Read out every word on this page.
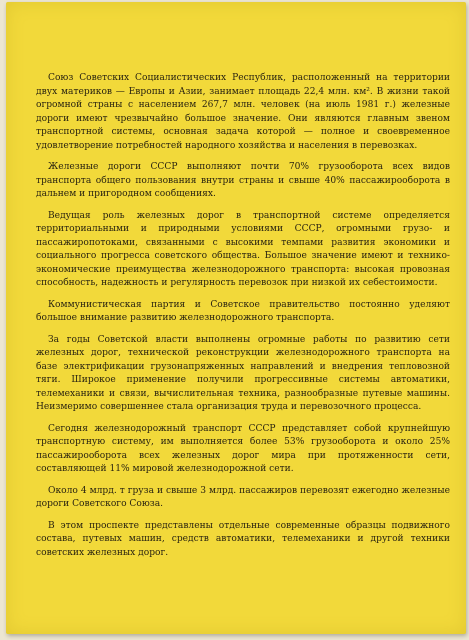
Союз Советских Социалистических Республик, расположенный на территории двух материков — Европы и Азии, занимает площадь 22,4 млн. км². В жизни такой огромной страны с населением 267,7 млн. человек (на июль 1981 г.) железные дороги имеют чрезвычайно большое значение. Они являются главным звеном транспортной системы, основная задача которой — полное и своевременное удовлетворение потребностей народного хозяйства и населения в перевозках.

Железные дороги СССР выполняют почти 70% грузооборота всех видов транспорта общего пользования внутри страны и свыше 40% пассажирооборота в дальнем и пригородном сообщениях.

Ведущая роль железных дорог в транспортной системе определяется территориальными и природными условиями СССР, огромными грузо- и пассажиропотоками, связанными с высокими темпами развития экономики и социального прогресса советского общества. Большое значение имеют и технико-экономические преимущества железнодорожного транспорта: высокая провозная способность, надежность и регулярность перевозок при низкой их себестоимости.

Коммунистическая партия и Советское правительство постоянно уделяют большое внимание развитию железнодорожного транспорта.

За годы Советской власти выполнены огромные работы по развитию сети железных дорог, технической реконструкции железнодорожного транспорта на базе электрификации грузонапряженных направлений и внедрения тепловозной тяги. Широкое применение получили прогрессивные системы автоматики, телемеханики и связи, вычислительная техника, разнообразные путевые машины. Неизмеримо совершеннее стала организация труда и перевозочного процесса.

Сегодня железнодорожный транспорт СССР представляет собой крупнейшую транспортную систему, им выполняется более 53% грузооборота и около 25% пассажирооборота всех железных дорог мира при протяженности сети, составляющей 11% мировой железнодорожной сети.

Около 4 млрд. т груза и свыше 3 млрд. пассажиров перевозят ежегодно железные дороги Советского Союза.

В этом проспекте представлены отдельные современные образцы подвижного состава, путевых машин, средств автоматики, телемеханики и другой техники советских железных дорог.
